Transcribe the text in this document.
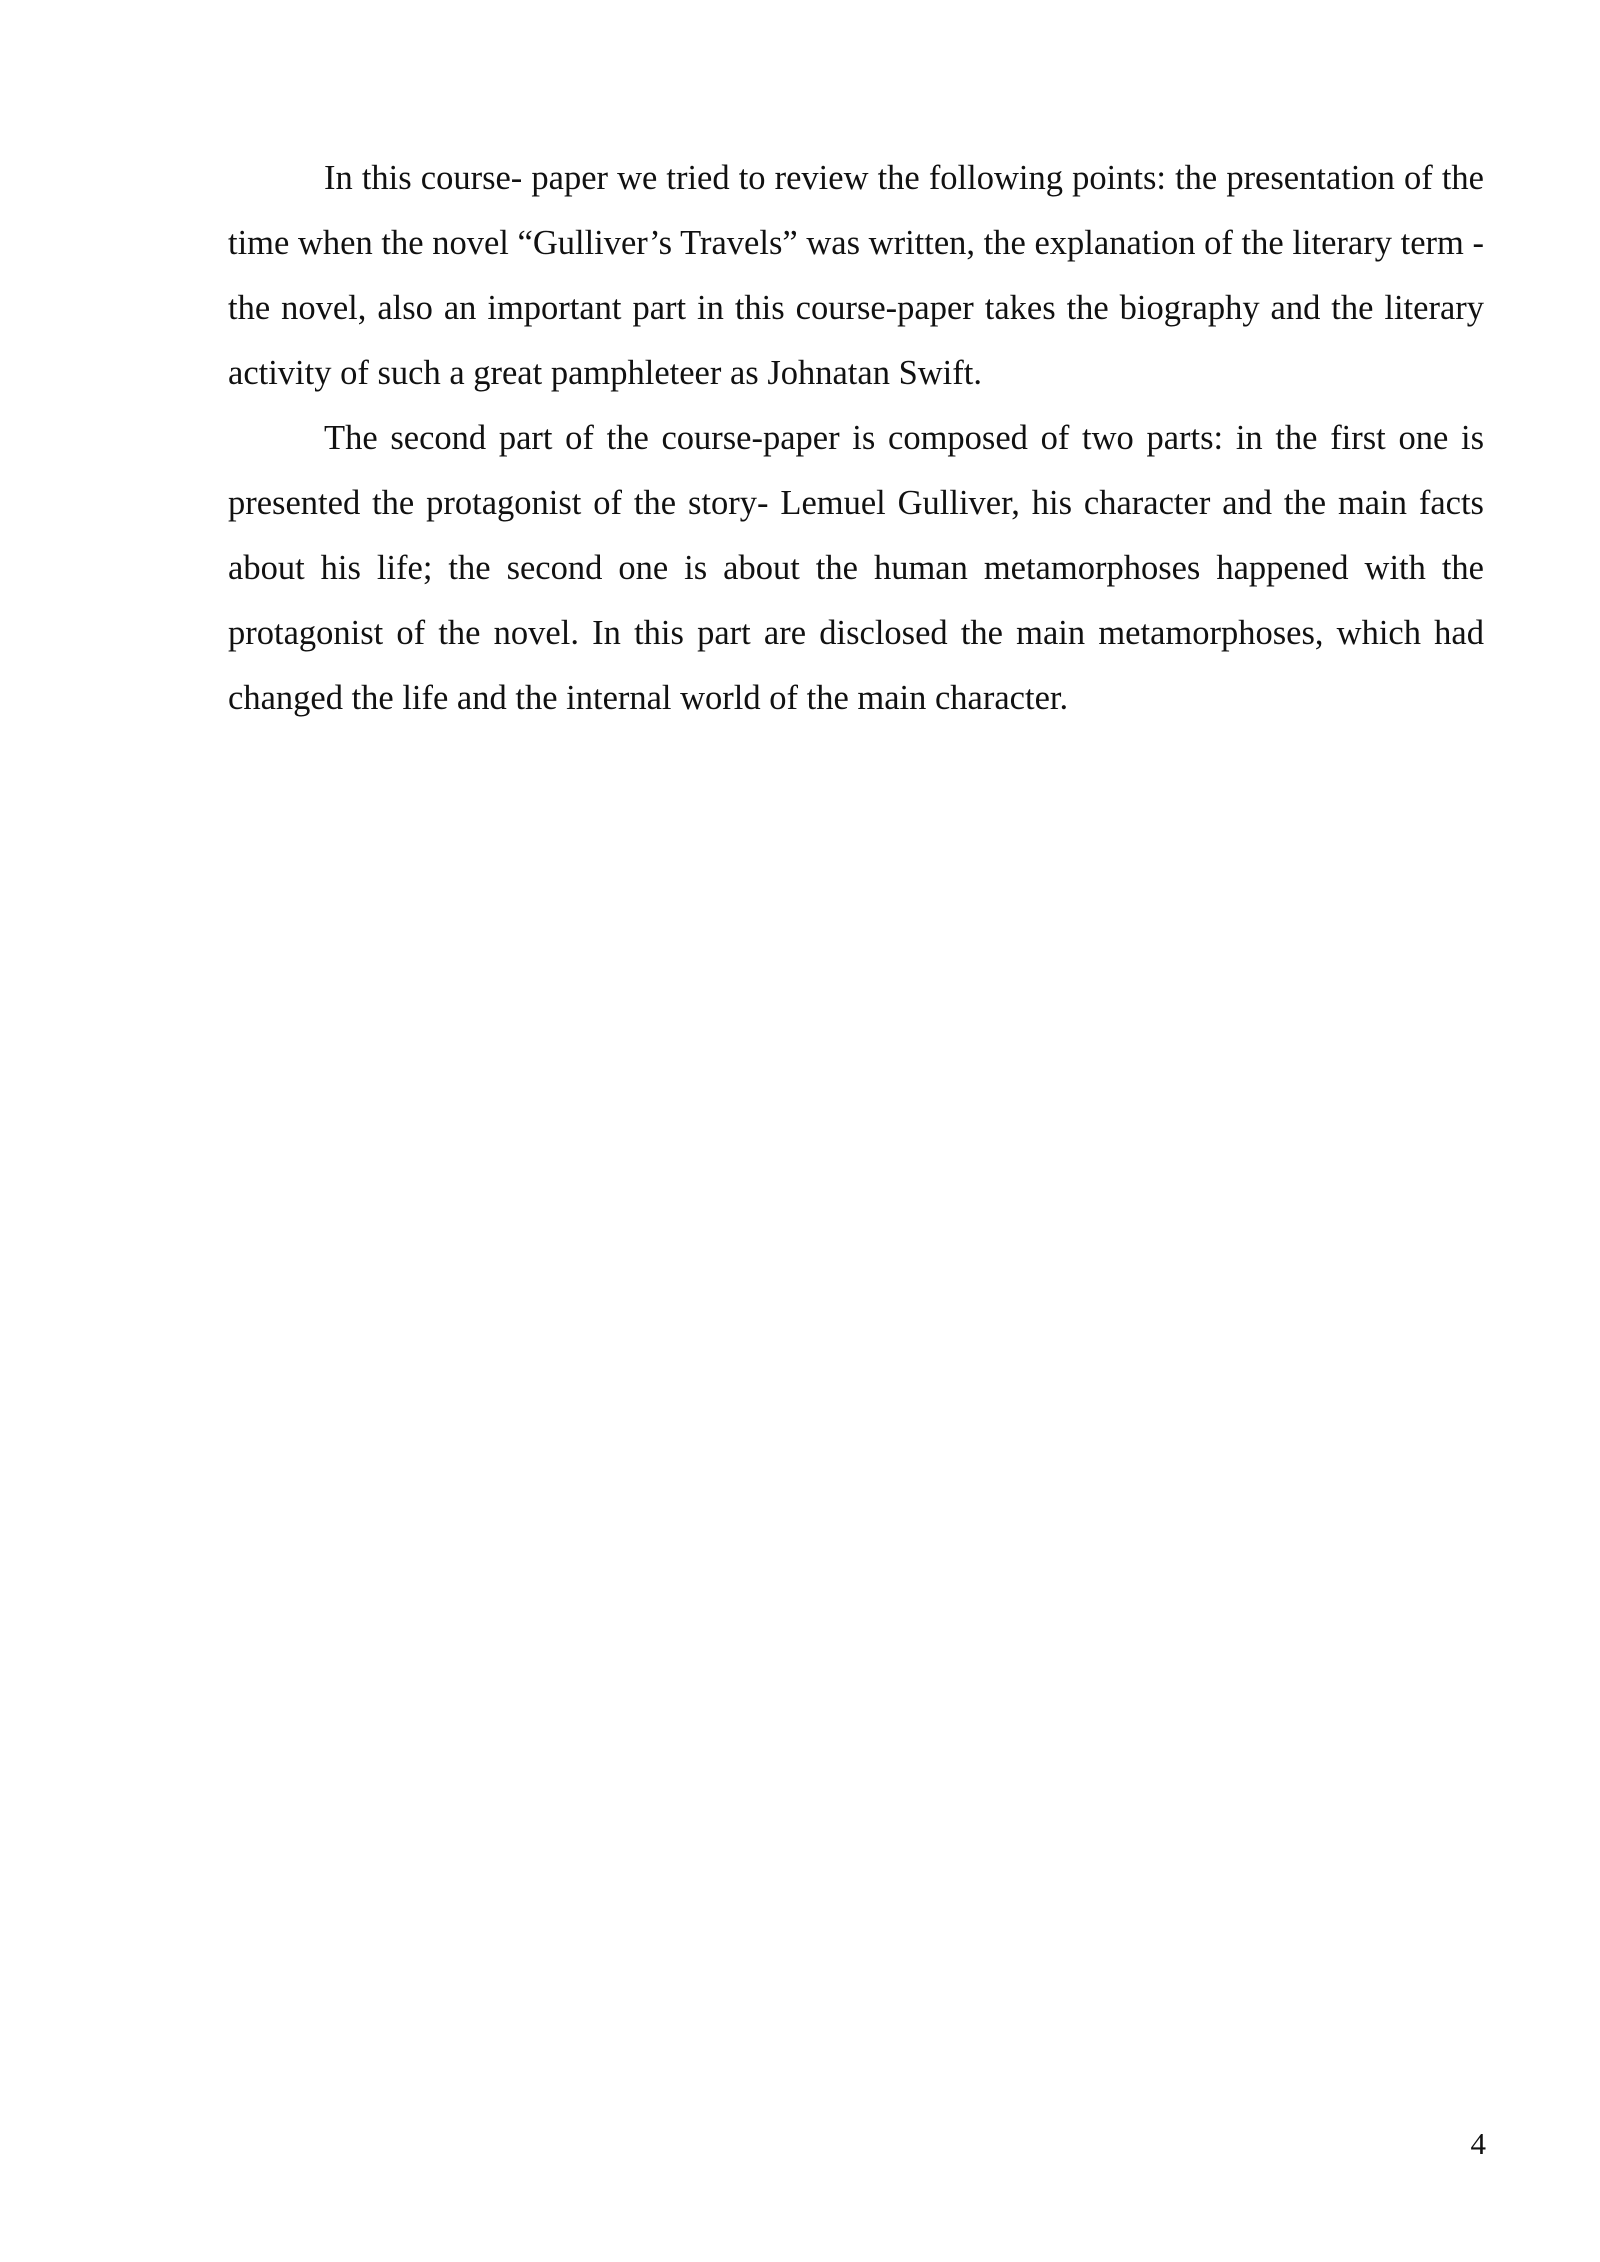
In this course- paper we tried to review the following points: the presentation of the time when the novel “Gulliver’s Travels” was written, the explanation of the literary term - the novel, also an important part in this course-paper takes the biography and the literary activity of such a great pamphleteer as Johnatan Swift.

The second part of the course-paper is composed of two parts: in the first one is presented the protagonist of the story- Lemuel Gulliver, his character and the main facts about his life; the second one is about the human metamorphoses happened with the protagonist of the novel. In this part are disclosed the main metamorphoses, which had changed the life and the internal world of the main character.

4
